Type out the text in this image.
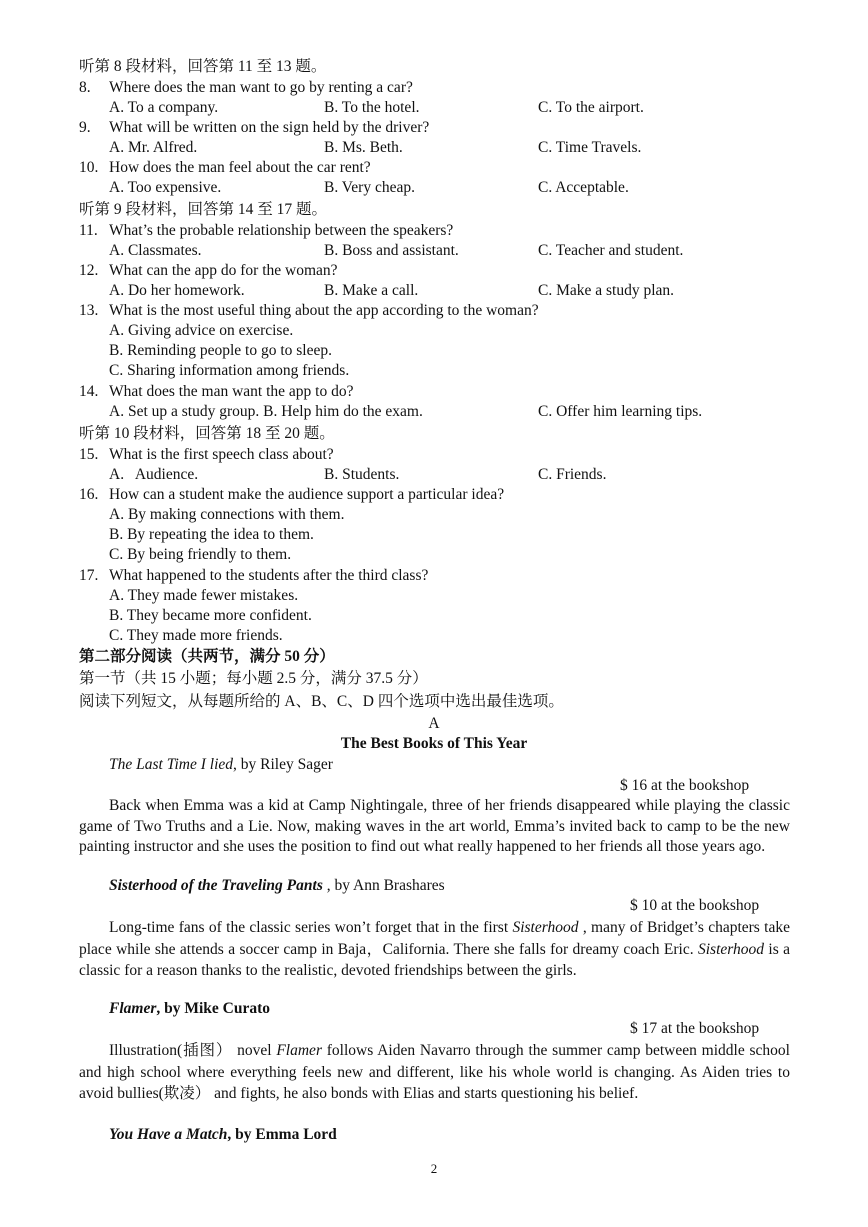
听第 8 段材料，回答第 11 至 13 题。
8. Where does the man want to go by renting a car?
A. To a company.	B. To the hotel.	C. To the airport.
9. What will be written on the sign held by the driver?
A. Mr. Alfred.	B. Ms. Beth.	C. Time Travels.
10. How does the man feel about the car rent?
A. Too expensive.	B. Very cheap.	C. Acceptable.
听第 9 段材料，回答第 14 至 17 题。
11. What’s the probable relationship between the speakers?
A. Classmates.	B. Boss and assistant.	C. Teacher and student.
12. What can the app do for the woman?
A. Do her homework.	B. Make a call.	C. Make a study plan.
13. What is the most useful thing about the app according to the woman?
A. Giving advice on exercise.
B. Reminding people to go to sleep.
C. Sharing information among friends.
14. What does the man want the app to do?
A. Set up a study group. B. Help him do the exam.	C. Offer him learning tips.
听第 10 段材料，回答第 18 至 20 题。
15. What is the first speech class about?
A.   Audience.	B. Students.	C. Friends.
16. How can a student make the audience support a particular idea?
A. By making connections with them.
B. By repeating the idea to them.
C. By being friendly to them.
17. What happened to the students after the third class?
A. They made fewer mistakes.
B. They became more confident.
C. They made more friends.
第二部分阅读（共两节，满分 50 分）
第一节（共 15 小题；每小题 2.5 分，满分 37.5 分）
阅读下列短文，从每题所给的 A、B、C、D 四个选项中选出最佳选项。
A
The Best Books of This Year
The Last Time I lied, by Riley Sager
$ 16 at the bookshop
Back when Emma was a kid at Camp Nightingale, three of her friends disappeared while playing the classic game of Two Truths and a Lie. Now, making waves in the art world, Emma’s invited back to camp to be the new painting instructor and she uses the position to find out what really happened to her friends all those years ago.
Sisterhood of the Traveling Pants , by Ann Brashares
$ 10 at the bookshop
Long-time fans of the classic series won’t forget that in the first Sisterhood , many of Bridget’s chapters take place while she attends a soccer camp in Baja，California. There she falls for dreamy coach Eric. Sisterhood is a classic for a reason thanks to the realistic, devoted friendships between the girls.
Flamer, by Mike Curato
$ 17 at the bookshop
Illustration(插图） novel Flamer follows Aiden Navarro through the summer camp between middle school and high school where everything feels new and different, like his whole world is changing. As Aiden tries to avoid bullies(欺凌） and fights, he also bonds with Elias and starts questioning his belief.
You Have a Match, by Emma Lord
2
